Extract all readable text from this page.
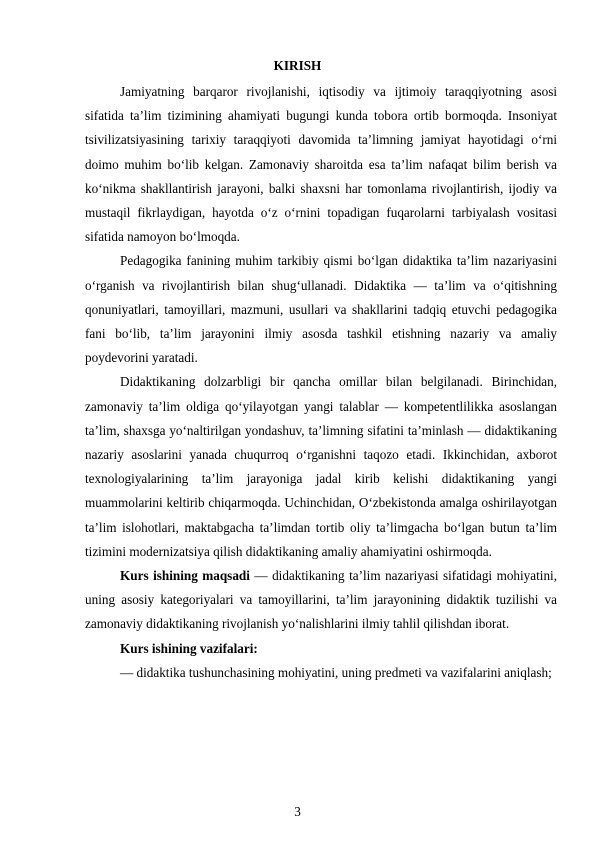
KIRISH

Jamiyatning barqaror rivojlanishi, iqtisodiy va ijtimoiy taraqqiyotning asosi sifatida ta’lim tizimining ahamiyati bugungi kunda tobora ortib bormoqda. Insoniyat tsivilizatsiyasining tarixiy taraqqiyoti davomida ta’limning jamiyat hayotidagi o‘rni doimo muhim bo‘lib kelgan. Zamonaviy sharoitda esa ta’lim nafaqat bilim berish va ko‘nikma shakllantirish jarayoni, balki shaxsni har tomonlama rivojlantirish, ijodiy va mustaqil fikrlaydigan, hayotda o‘z o‘rnini topadigan fuqarolarni tarbiyalash vositasi sifatida namoyon bo‘lmoqda.

Pedagogika fanining muhim tarkibiy qismi bo‘lgan didaktika ta’lim nazariyasini o‘rganish va rivojlantirish bilan shug‘ullanadi. Didaktika — ta’lim va o‘qitishning qonuniyatlari, tamoyillari, mazmuni, usullari va shakllarini tadqiq etuvchi pedagogika fani bo‘lib, ta’lim jarayonini ilmiy asosda tashkil etishning nazariy va amaliy poydevorini yaratadi.

Didaktikaning dolzarbligi bir qancha omillar bilan belgilanadi. Birinchidan, zamonaviy ta’lim oldiga qo‘yilayotgan yangi talablar — kompetentlilikka asoslangan ta’lim, shaxsga yo‘naltirilgan yondashuv, ta’limning sifatini ta’minlash — didaktikaning nazariy asoslarini yanada chuqurroq o‘rganishni taqozo etadi. Ikkinchidan, axborot texnologiyalarining ta’lim jarayoniga jadal kirib kelishi didaktikaning yangi muammolarini keltirib chiqarmoqda. Uchinchidan, O‘zbekistonda amalga oshirilayotgan ta’lim islohotlari, maktabgacha ta’limdan tortib oliy ta’limgacha bo‘lgan butun ta’lim tizimini modernizatsiya qilish didaktikaning amaliy ahamiyatini oshirmoqda.

Kurs ishining maqsadi — didaktikaning ta’lim nazariyasi sifatidagi mohiyatini, uning asosiy kategoriyalari va tamoyillarini, ta’lim jarayonining didaktik tuzilishi va zamonaviy didaktikaning rivojlanish yo‘nalishlarini ilmiy tahlil qilishdan iborat.

Kurs ishining vazifalari:

— didaktika tushunchasining mohiyatini, uning predmeti va vazifalarini aniqlash;

3
